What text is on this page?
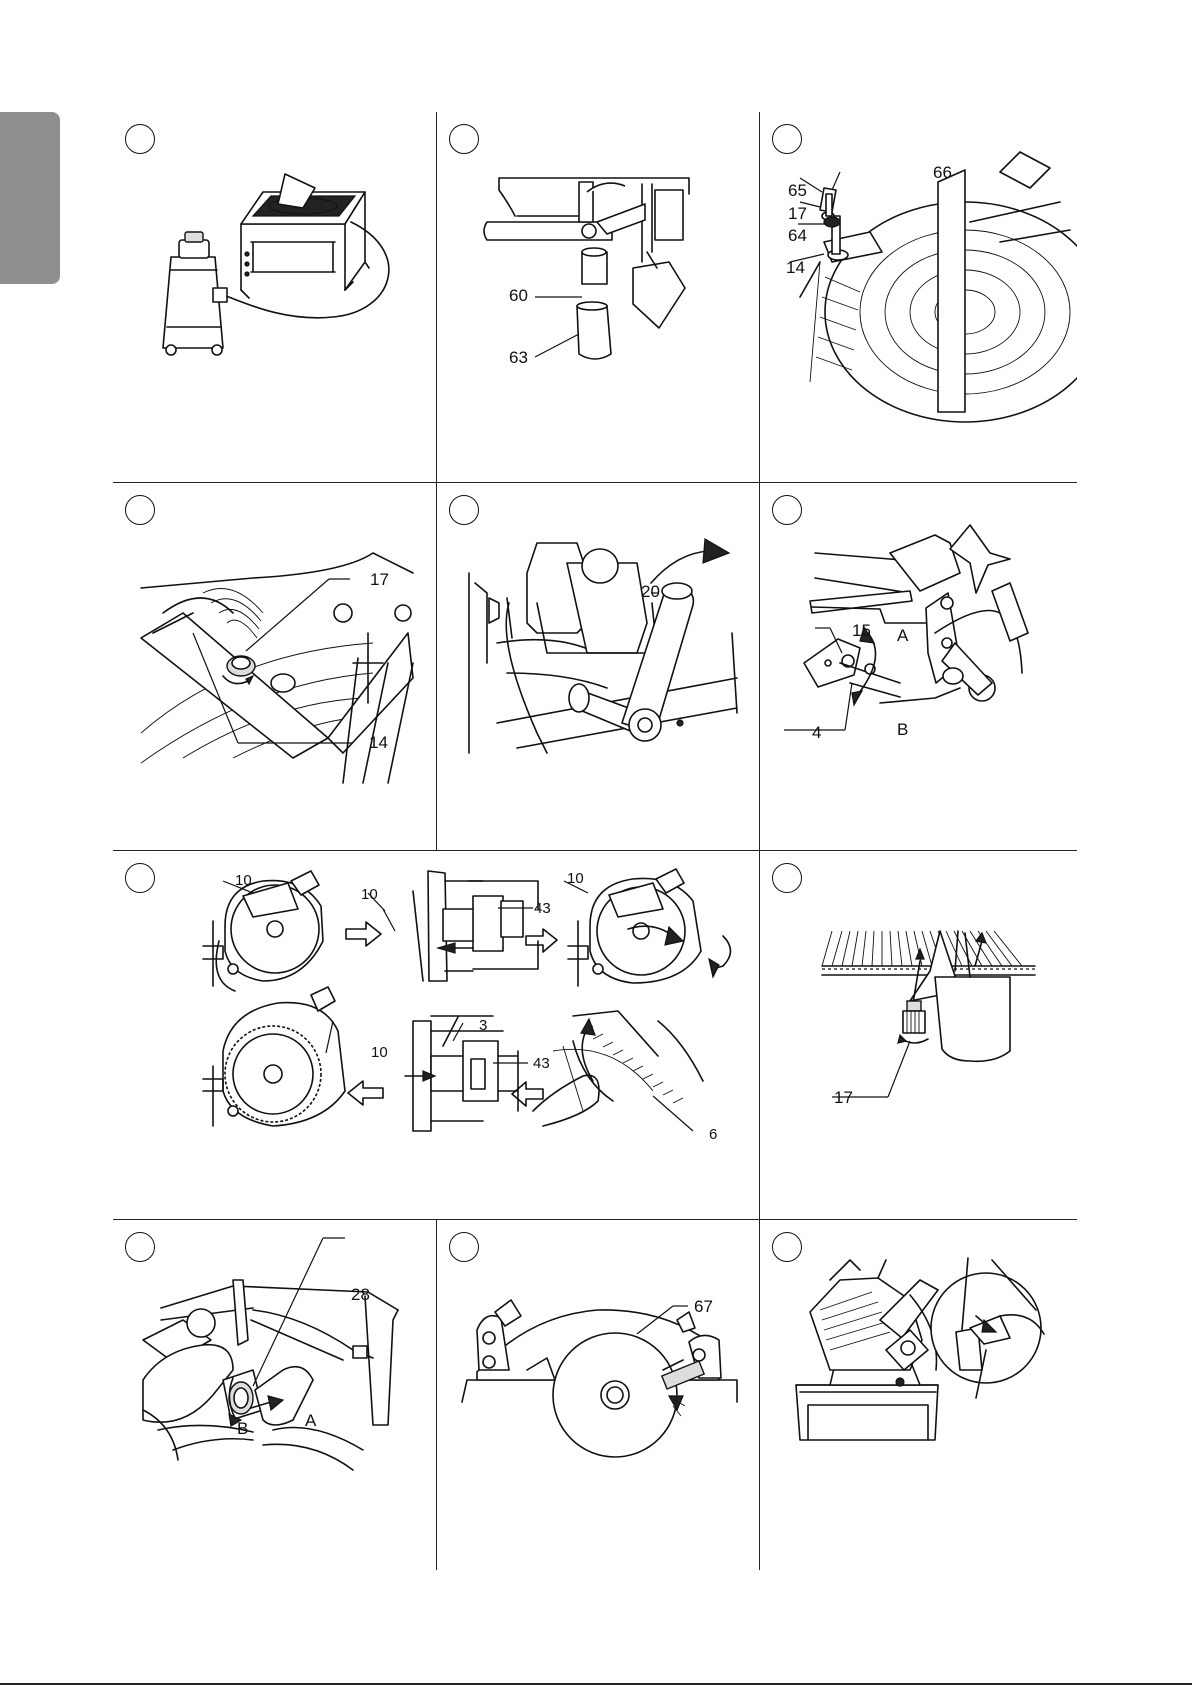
60
63
66
65
17
64
14
17
14
20
15 A
4	B
10
10
43
10
10
3
43
6
17
28
B	A
67
